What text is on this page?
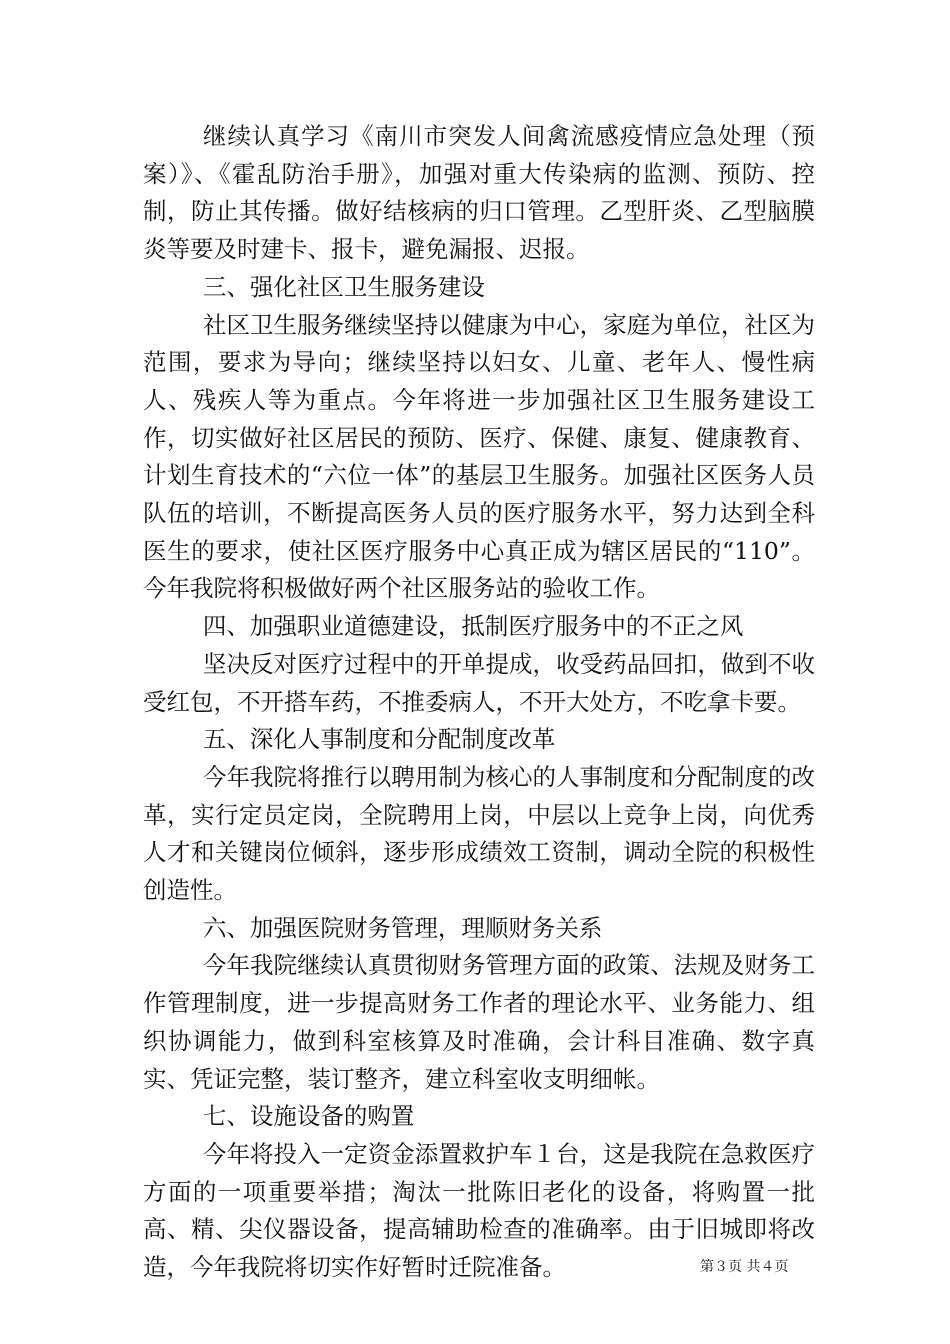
继续认真学习《南川市突发人间禽流感疫情应急处理（预案）》、《霍乱防治手册》，加强对重大传染病的监测、预防、控制，防止其传播。做好结核病的归口管理。乙型肝炎、乙型脑膜炎等要及时建卡、报卡，避免漏报、迟报。

三、强化社区卫生服务建设

社区卫生服务继续坚持以健康为中心，家庭为单位，社区为范围，要求为导向；继续坚持以妇女、儿童、老年人、慢性病人、残疾人等为重点。今年将进一步加强社区卫生服务建设工作，切实做好社区居民的预防、医疗、保健、康复、健康教育、计划生育技术的“六位一体”的基层卫生服务。加强社区医务人员队伍的培训，不断提高医务人员的医疗服务水平，努力达到全科医生的要求，使社区医疗服务中心真正成为辖区居民的“110”。今年我院将积极做好两个社区服务站的验收工作。

四、加强职业道德建设，抵制医疗服务中的不正之风

坚决反对医疗过程中的开单提成，收受药品回扣，做到不收受红包，不开搭车药，不推委病人，不开大处方，不吃拿卡要。

五、深化人事制度和分配制度改革

今年我院将推行以聘用制为核心的人事制度和分配制度的改革，实行定员定岗，全院聘用上岗，中层以上竞争上岗，向优秀人才和关键岗位倾斜，逐步形成绩效工资制，调动全院的积极性创造性。

六、加强医院财务管理，理顺财务关系

今年我院继续认真贯彻财务管理方面的政策、法规及财务工作管理制度，进一步提高财务工作者的理论水平、业务能力、组织协调能力，做到科室核算及时准确，会计科目准确、数字真实、凭证完整，装订整齐，建立科室收支明细帐。

七、设施设备的购置

今年将投入一定资金添置救护车１台，这是我院在急救医疗方面的一项重要举措；淘汰一批陈旧老化的设备，将购置一批高、精、尖仪器设备，提高辅助检查的准确率。由于旧城即将改造，今年我院将切实作好暂时迁院准备。	第３页 共４页
